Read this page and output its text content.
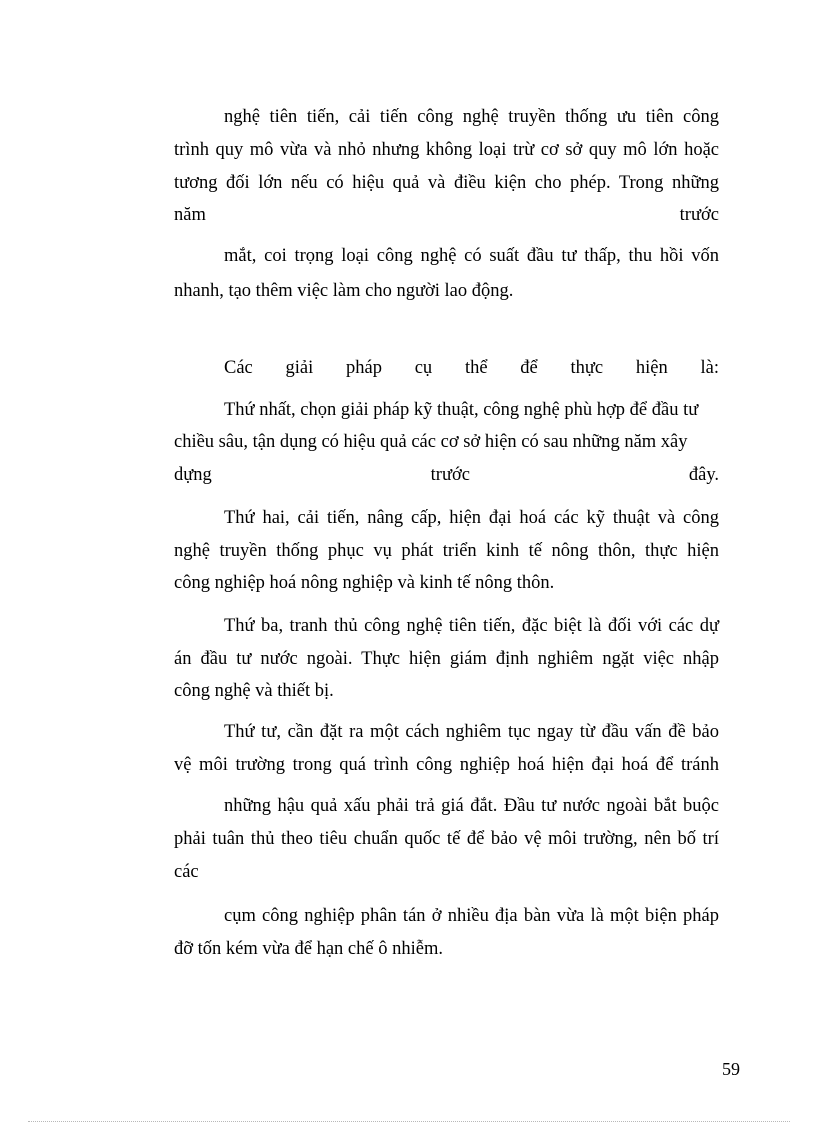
nghệ tiên tiến, cải tiến công nghệ truyền thống ưu tiên công
trình quy mô vừa và nhỏ nhưng không loại trừ cơ sở quy mô lớn hoặc
tương đối lớn nếu có hiệu quả và điều kiện cho phép. Trong những
năm trước
mắt, coi trọng loại công nghệ có suất đầu tư thấp, thu hồi vốn
nhanh, tạo thêm việc làm cho người lao động.
Các giải pháp cụ thể để thực hiện là:
Thứ nhất, chọn giải pháp kỹ thuật, công nghệ phù hợp để đầu tư
chiều sâu, tận dụng có hiệu quả các cơ sở hiện có sau những năm xây
dựng trước đây.
Thứ hai, cải tiến, nâng cấp, hiện đại hoá các kỹ thuật và công
nghệ truyền thống phục vụ phát triển kinh tế nông thôn, thực hiện
công nghiệp hoá nông nghiệp và kinh tế nông thôn.
Thứ ba, tranh thủ công nghệ tiên tiến, đặc biệt là đối với các dự
án đầu tư nước ngoài. Thực hiện giám định nghiêm ngặt việc nhập
công nghệ và thiết bị.
Thứ tư, cần đặt ra một cách nghiêm tục ngay từ đầu vấn đề bảo
vệ môi trường trong quá trình công nghiệp hoá hiện đại hoá để tránh
những hậu quả xấu phải trả giá đắt. Đầu tư nước ngoài bắt buộc
phải tuân thủ theo tiêu chuẩn quốc tế để bảo vệ môi trường, nên bố trí
các
cụm công nghiệp phân tán ở nhiều địa bàn vừa là một biện pháp
đỡ tốn kém vừa để hạn chế ô nhiễm.
59
